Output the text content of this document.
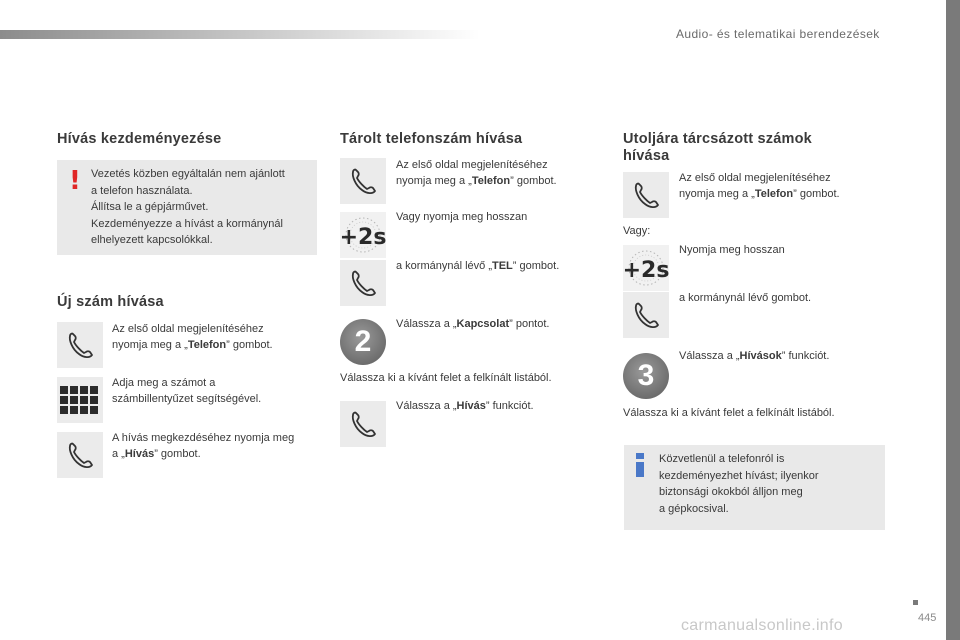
Audio- és telematikai berendezések
Hívás kezdeményezése
! Vezetés közben egyáltalán nem ajánlott
a telefon használata.
Állítsa le a gépjárművet.
Kezdeményezze a hívást a kormánynál
elhelyezett kapcsolókkal.
Új szám hívása
Az első oldal megjelenítéséhez
nyomja meg a „Telefon” gombot.
Adja meg a számot a
számbillentyűzet segítségével.
A hívás megkezdéséhez nyomja meg
a „Hívás” gombot.
Tárolt telefonszám hívása
Az első oldal megjelenítéséhez
nyomja meg a „Telefon” gombot.
+2s
Vagy nyomja meg hosszan
a kormánynál lévő „TEL” gombot.
2
Válassza a „Kapcsolat” pontot.
Válassza ki a kívánt felet a felkínált listából.
Válassza a „Hívás” funkciót.
Utoljára tárcsázott számok
hívása
Az első oldal megjelenítéséhez
nyomja meg a „Telefon” gombot.
Vagy:
+2s
Nyomja meg hosszan
a kormánynál lévő gombot.
3
Válassza a „Hívások” funkciót.
Válassza ki a kívánt felet a felkínált listából.
Közvetlenül a telefonról is
kezdeményezhet hívást; ilyenkor
biztonsági okokból álljon meg
a gépkocsival.
445
carmanualsonline.info
